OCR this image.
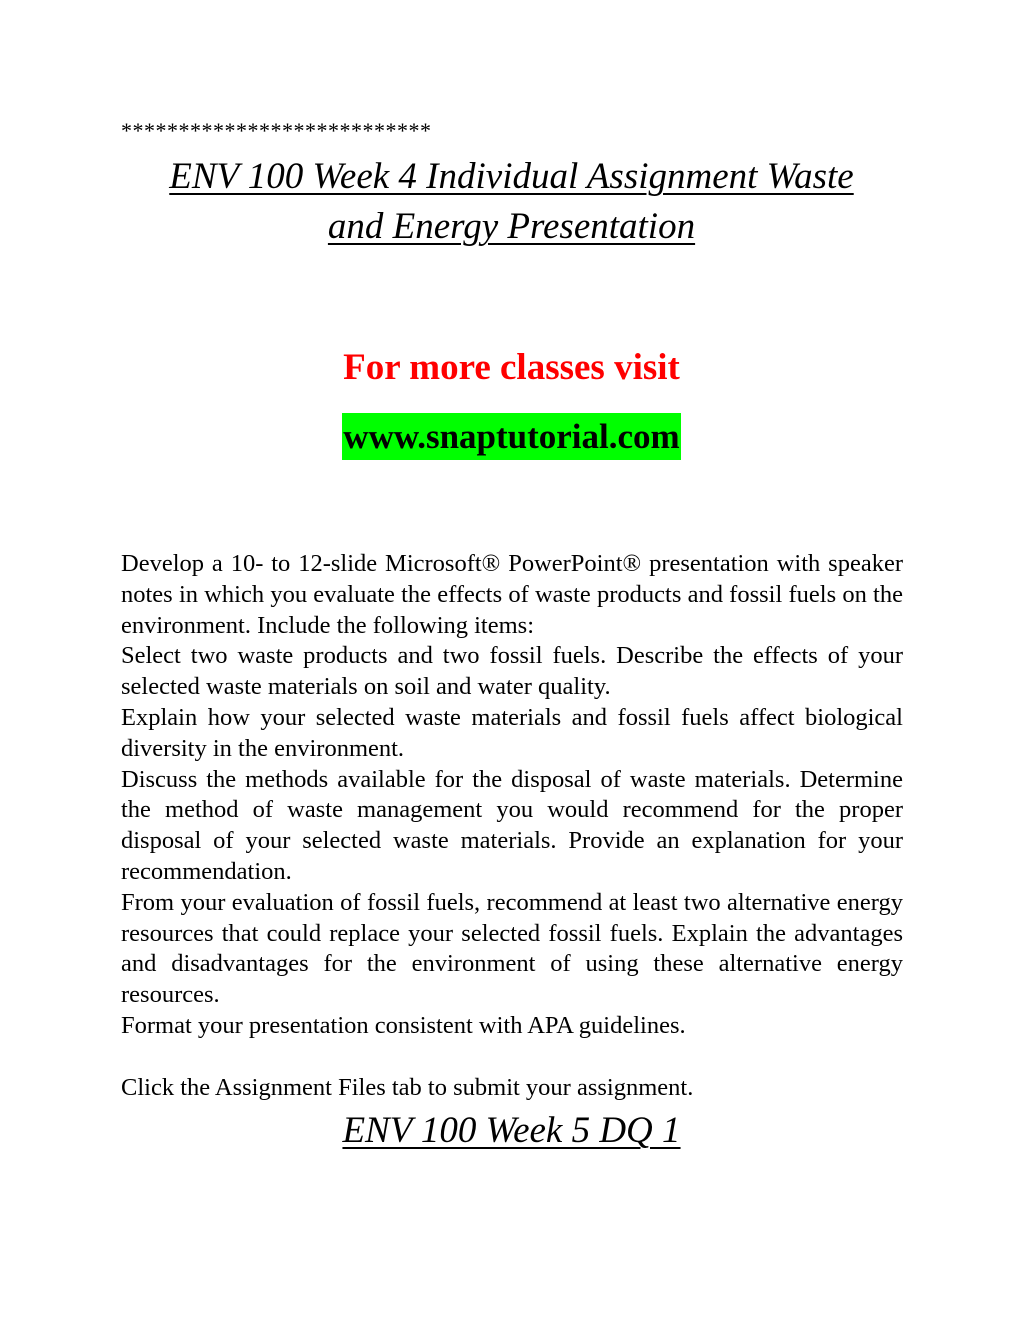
***************************
ENV 100 Week 4 Individual Assignment Waste
and Energy Presentation
For more classes visit
www.snaptutorial.com

Develop a 10- to 12-slide Microsoft® PowerPoint® presentation with speaker notes in which you evaluate the effects of waste products and fossil fuels on the environment. Include the following items:

Select two waste products and two fossil fuels. Describe the effects of your selected waste materials on soil and water quality.

Explain how your selected waste materials and fossil fuels affect biological diversity in the environment.

Discuss the methods available for the disposal of waste materials. Determine the method of waste management you would recommend for the proper disposal of your selected waste materials. Provide an explanation for your recommendation.

From your evaluation of fossil fuels, recommend at least two alternative energy resources that could replace your selected fossil fuels. Explain the advantages and disadvantages for the environment of using these alternative energy resources.

Format your presentation consistent with APA guidelines.

Click the Assignment Files tab to submit your assignment.

ENV 100 Week 5 DQ 1
